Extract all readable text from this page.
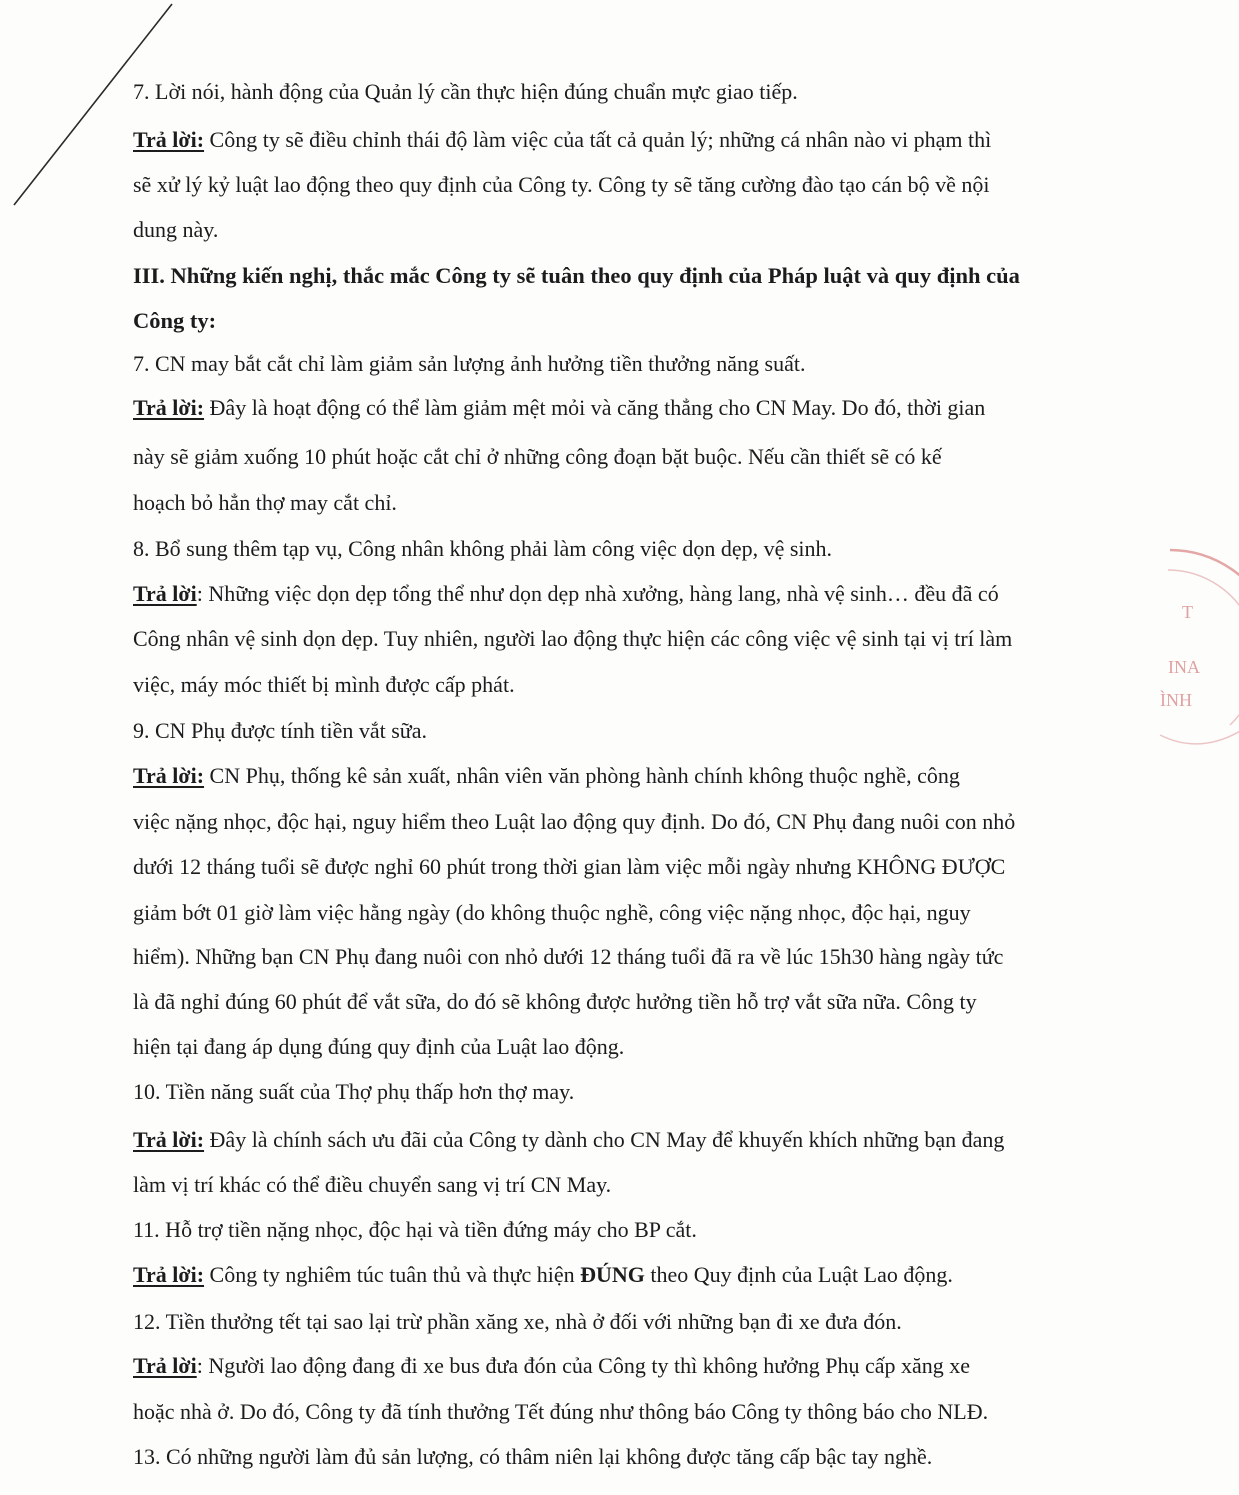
T
INA
ÌNH
7. Lời nói, hành động của Quản lý cần thực hiện đúng chuẩn mực giao tiếp.
Trả lời: Công ty sẽ điều chỉnh thái độ làm việc của tất cả quản lý; những cá nhân nào vi phạm thì
sẽ xử lý kỷ luật lao động theo quy định của Công ty. Công ty sẽ tăng cường đào tạo cán bộ về nội
dung này.
III. Những kiến nghị, thắc mắc Công ty sẽ tuân theo quy định của Pháp luật và quy định của
Công ty:
7. CN may bắt cắt chỉ làm giảm sản lượng ảnh hưởng tiền thưởng năng suất.
Trả lời: Đây là hoạt động có thể làm giảm mệt mỏi và căng thẳng cho CN May. Do đó, thời gian
này sẽ giảm xuống 10 phút hoặc cắt chỉ ở những công đoạn bặt buộc. Nếu cần thiết sẽ có kế
hoạch bỏ hẳn thợ may cắt chỉ.
8. Bổ sung thêm tạp vụ, Công nhân không phải làm công việc dọn dẹp, vệ sinh.
Trả lời: Những việc dọn dẹp tổng thể như dọn dẹp nhà xưởng, hàng lang, nhà vệ sinh… đều đã có
Công nhân vệ sinh dọn dẹp. Tuy nhiên, người lao động thực hiện các công việc vệ sinh tại vị trí làm
việc, máy móc thiết bị mình được cấp phát.
9. CN Phụ được tính tiền vắt sữa.
Trả lời: CN Phụ, thống kê sản xuất, nhân viên văn phòng hành chính không thuộc nghề, công
việc nặng nhọc, độc hại, nguy hiểm theo Luật lao động quy định. Do đó, CN Phụ đang nuôi con nhỏ
dưới 12 tháng tuổi sẽ được nghỉ 60 phút trong thời gian làm việc mỗi ngày nhưng KHÔNG ĐƯỢC
giảm bớt 01 giờ làm việc hằng ngày (do không thuộc nghề, công việc nặng nhọc, độc hại, nguy
hiểm). Những bạn CN Phụ đang nuôi con nhỏ dưới 12 tháng tuổi đã ra về lúc 15h30 hàng ngày tức
là đã nghỉ đúng 60 phút để vắt sữa, do đó sẽ không được hưởng tiền hỗ trợ vắt sữa nữa. Công ty
hiện tại đang áp dụng đúng quy định của Luật lao động.
10. Tiền năng suất của Thợ phụ thấp hơn thợ may.
Trả lời: Đây là chính sách ưu đãi của Công ty dành cho CN May để khuyến khích những bạn đang
làm vị trí khác có thể điều chuyển sang vị trí CN May.
11. Hỗ trợ tiền nặng nhọc, độc hại và tiền đứng máy cho BP cắt.
Trả lời: Công ty nghiêm túc tuân thủ và thực hiện ĐÚNG theo Quy định của Luật Lao động.
12. Tiền thưởng tết tại sao lại trừ phần xăng xe, nhà ở đối với những bạn đi xe đưa đón.
Trả lời: Người lao động đang đi xe bus đưa đón của Công ty thì không hưởng Phụ cấp xăng xe
hoặc nhà ở. Do đó, Công ty đã tính thưởng Tết đúng như thông báo Công ty thông báo cho NLĐ.
13. Có những người làm đủ sản lượng, có thâm niên lại không được tăng cấp bậc tay nghề.
